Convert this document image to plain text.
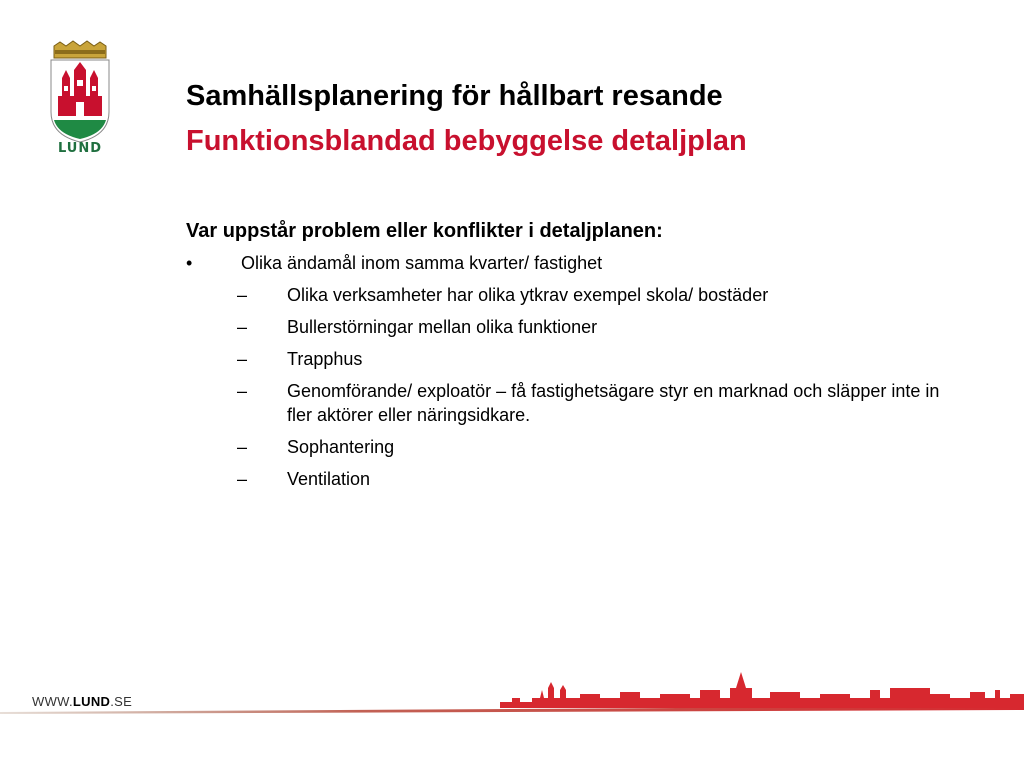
LUND
Samhällsplanering för hållbart resande
Funktionsblandad bebyggelse detaljplan

Var uppstår problem eller konflikter i detaljplanen:

•	Olika ändamål inom samma kvarter/ fastighet
–	Olika verksamheter har olika ytkrav exempel skola/ bostäder
–	Bullerstörningar mellan olika funktioner
–	Trapphus
–	Genomförande/ exploatör – få fastighetsägare styr en marknad och släpper inte in fler aktörer eller näringsidkare.
–	Sophantering
–	Ventilation
WWW.LUND.SE
